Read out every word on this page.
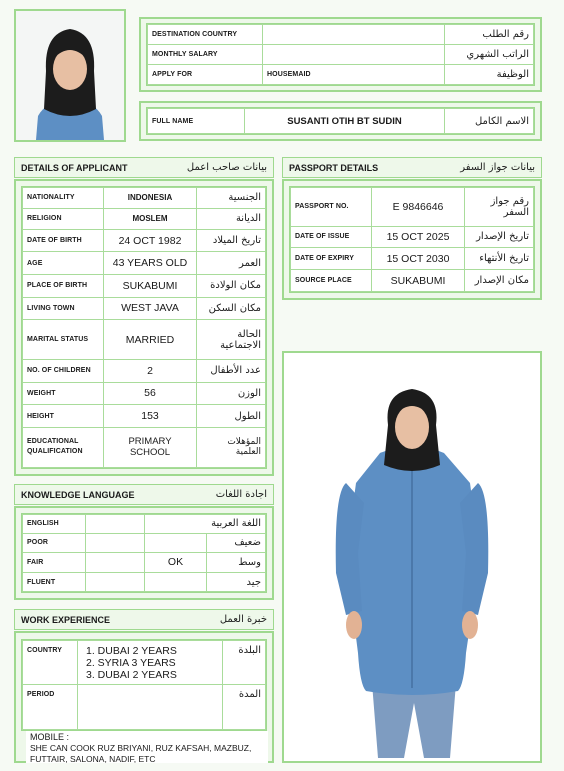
DESTINATION COUNTRY		رقم الطلب
MONTHLY SALARY		الراتب الشهري
APPLY FOR	HOUSEMAID	الوظيفة
FULL NAME	SUSANTI OTIH BT SUDIN	الاسم الكامل
DETAILS OF APPLICANT	بيانات صاحب اعمل
NATIONALITY	INDONESIA	الجنسية
RELIGION	MOSLEM	الديانة
DATE OF BIRTH	24 OCT 1982	تاريخ الميلاد
AGE	43 YEARS OLD	العمر
PLACE OF BIRTH	SUKABUMI	مكان الولادة
LIVING TOWN	WEST JAVA	مكان السكن
MARITAL STATUS	MARRIED	الحالة الاجتماعية
NO. OF CHILDREN	2	عدد الأطفال
WEIGHT	56	الوزن
HEIGHT	153	الطول
EDUCATIONAL QUALIFICATION	PRIMARY SCHOOL	المؤهلات العلمية
PASSPORT DETAILS	بيانات جواز السفر
PASSPORT NO.	E 9846646	رقم جواز السفر
DATE OF ISSUE	15 OCT 2025	تاريخ الإصدار
DATE OF EXPIRY	15 OCT 2030	تاريخ الأنتهاء
SOURCE PLACE	SUKABUMI	مكان الإصدار
KNOWLEDGE LANGUAGE	اجادة اللغات
ENGLISH		اللغة العربية	
POOR			ضعيف
FAIR		OK	وسط
FLUENT			جيد
WORK EXPERIENCE	خبرة العمل
COUNTRY	1. DUBAI 2 YEARS
2. SYRIA 3 YEARS
3. DUBAI 2 YEARS	البلدة
PERIOD		المدة
MOBILE :
SHE CAN COOK RUZ BRIYANI, RUZ KAFSAH, MAZBUZ, FUTTAIR, SALONA, NADIF, ETC
